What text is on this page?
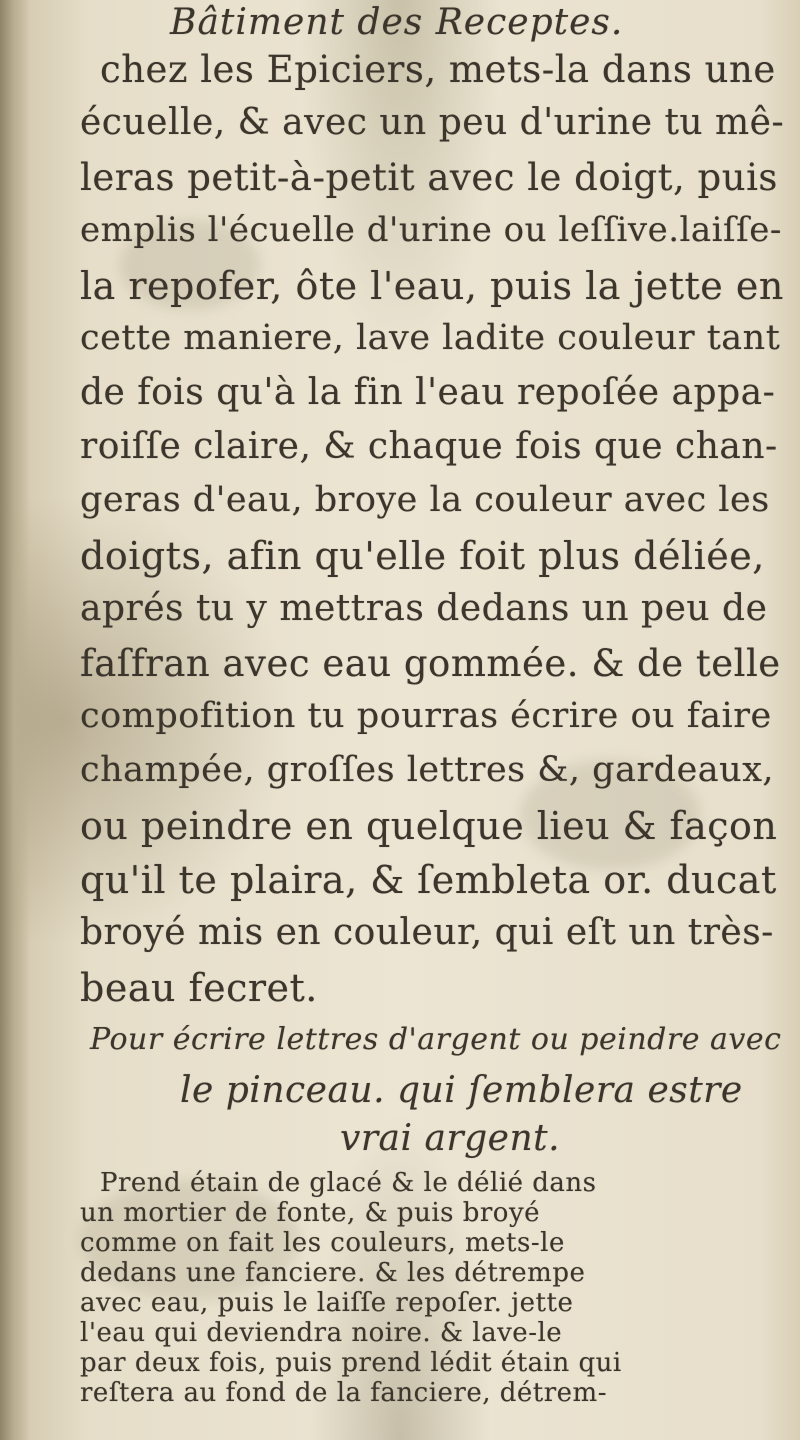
Bâtiment des Receptes.
chez les Epiciers, mets-la dans une
écuelle, & avec un peu d'urine tu mê-
leras petit-à-petit avec le doigt, puis
emplis l'écuelle d'urine ou leſſive.laiſſe-
la repofer, ôte l'eau, puis la jette en
cette maniere, lave ladite couleur tant
de fois qu'à la fin l'eau repoſée appa-
roiſſe claire, & chaque fois que chan-
geras d'eau, broye la couleur avec les
doigts, afin qu'elle foit plus déliée,
aprés tu y mettras dedans un peu de
faſfran avec eau gommée. & de telle
compofition tu pourras écrire ou faire
champée, groſſes lettres &, gardeaux,
ou peindre en quelque lieu & façon
qu'il te plaira, & ſembleta or. ducat
broyé mis en couleur, qui eſt un très-
beau fecret.
Pour écrire lettres d'argent ou peindre avec
le pinceau. qui ſemblera estre
vrai argent.
Prend étain de glacé & le délié dans
un mortier de fonte, & puis broyé
comme on fait les couleurs, mets-le
dedans une fanciere. & les détrempe
avec eau, puis le laiſſe repoſer. jette
l'eau qui deviendra noire. & lave-le
par deux fois, puis prend lédit étain qui
reſtera au fond de la fanciere, détrem-
